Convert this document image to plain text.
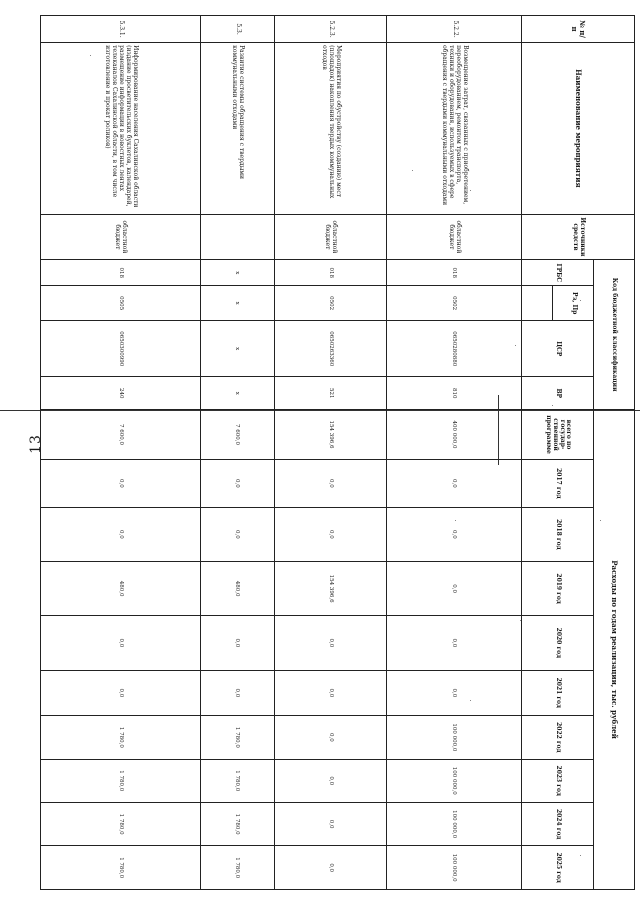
13
№ п/п	Наименование мероприятия	Источники средств	Код бюджетной классификации				Расходы по годам реализации, тыс. рублей									
			ГРБС	Рз, Пр	ЦСР	ВР	всего по государ- ственной программе	2017 год	2018 год	2019 год	2020 год	2021 год	2022 год	2023 год	2024 год	2025 год

5.2.2.	Возмещение затрат, связанных с приобретением, переоборудованием, ремонтом транспорта, техники и оборудования, используемых в сфере обращения с твердыми коммунальными отходами	областной бюджет	018	0502	0650280880	810	400 000,0	0,0	0,0	0,0	0,0	0,0	100 000,0	100 000,0	100 000,0	100 000,0
5.2.3.	Мероприятия по обустройству (созданию) мест (площадок) накопления твердых коммунальных отходов	областной бюджет	018	0502	0650263360	521	154 396,6	0,0	0,0	154 396,6	0,0	0,0	0,0	0,0	0,0	0,0
5.3.	Развитие системы обращения с твердыми коммунальными отходами		x	x	x	x	7 600,0	0,0	0,0	480,0	0,0	0,0	1 780,0	1 780,0	1 780,0	1 780,0
5.3.1.	Информирование населения Сахалинской области (издание просветительских буклетов, календарей, размещение информации в новостных лентах телеканалов Сахалинской области, в том числе изготовление и прокат роликов)	областной бюджет	018	0505	0650300990	240	7 600,0	0,0	0,0	480,0	0,0	0,0	1 780,0	1 780,0	1 780,0	1 780,0
